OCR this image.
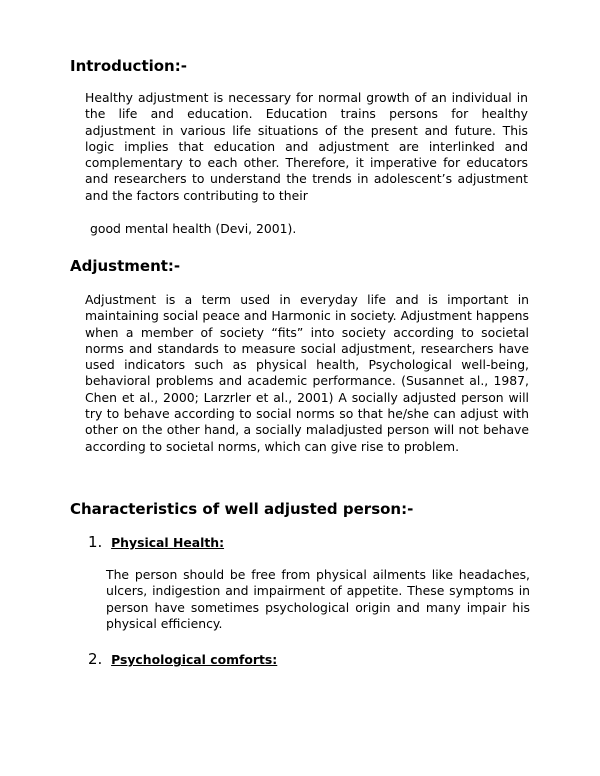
Introduction:-

Healthy adjustment is necessary for normal growth of an individual in the life and education. Education trains persons for healthy adjustment in various life situations of the present and future. This logic implies that education and adjustment are interlinked and complementary to each other. Therefore, it imperative for educators and researchers to understand the trends in adolescent’s adjustment and the factors contributing to their

good mental health (Devi, 2001).

Adjustment:-

Adjustment is a term used in everyday life and is important in maintaining social peace and Harmonic in society. Adjustment happens when a member of society “fits” into society according to societal norms and standards to measure social adjustment, researchers have used indicators such as physical health, Psychological well-being, behavioral problems and academic performance. (Susannet al., 1987, Chen et al., 2000; Larzrler et al., 2001) A socially adjusted person will try to behave according to social norms so that he/she can adjust with other on the other hand, a socially maladjusted person will not behave according to societal norms, which can give rise to problem.

Characteristics of well adjusted person:-
1. Physical Health:

The person should be free from physical ailments like headaches, ulcers, indigestion and impairment of appetite. These symptoms in person have sometimes psychological origin and many impair his physical efficiency.

2. Psychological comforts:
